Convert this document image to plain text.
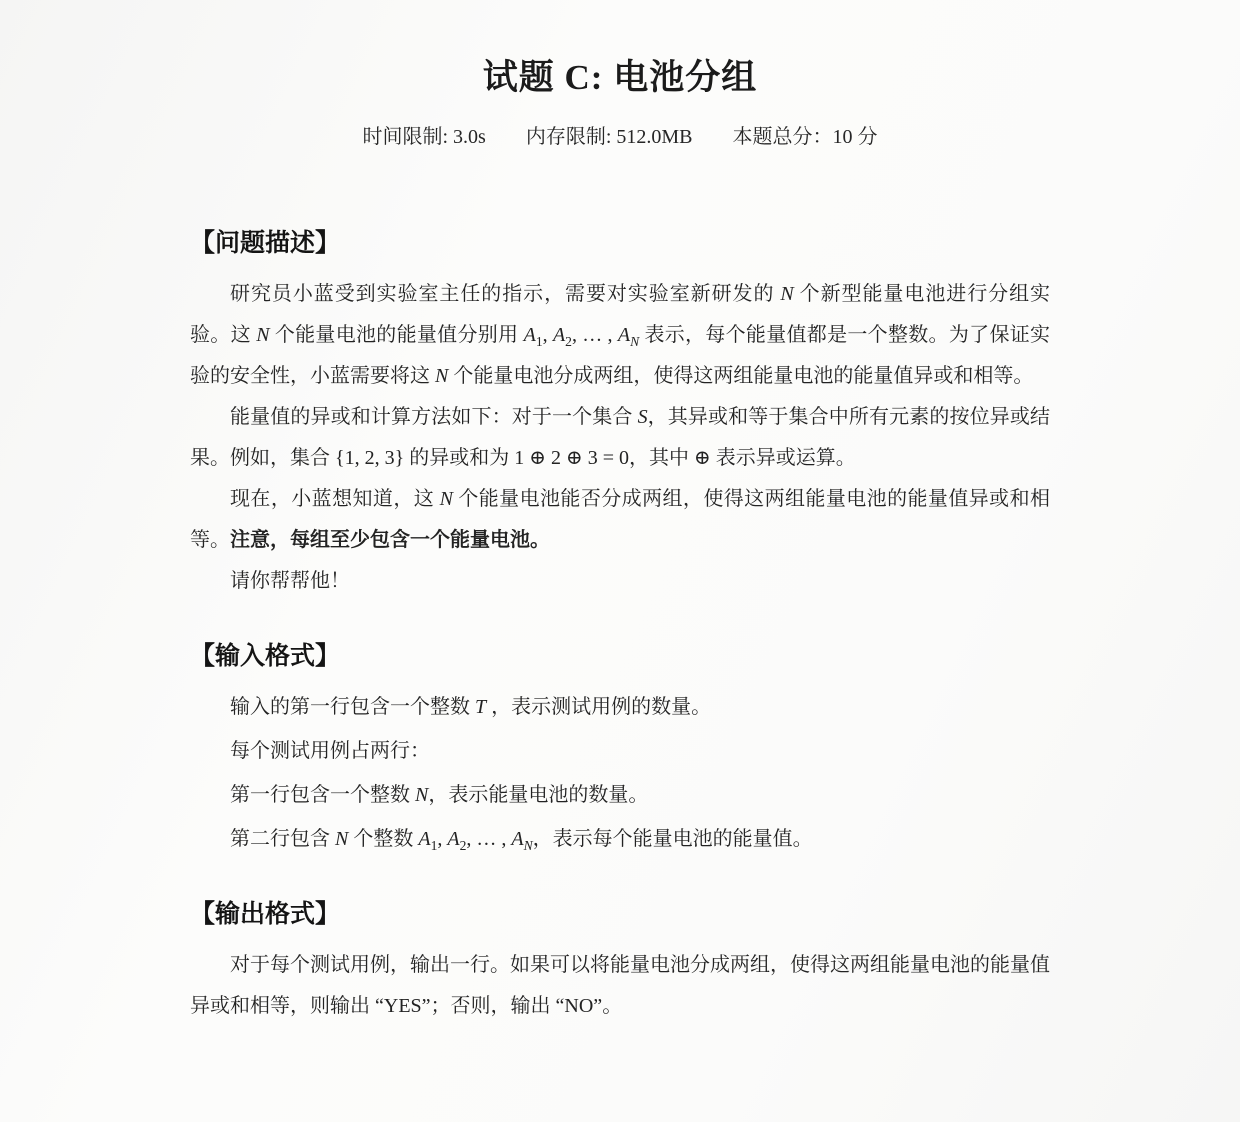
试题 C: 电池分组
时间限制: 3.0s 内存限制: 512.0MB 本题总分：10 分
【问题描述】

研究员小蓝受到实验室主任的指示，需要对实验室新研发的 N 个新型能量电池进行分组实验。这 N 个能量电池的能量值分别用 $A_1$, $A_2$, … , $A_N$ 表示，每个能量值都是一个整数。为了保证实验的安全性，小蓝需要将这 N 个能量电池分成两组，使得这两组能量电池的能量值异或和相等。

能量值的异或和计算方法如下：对于一个集合 S，其异或和等于集合中所有元素的按位异或结果。例如，集合 {1, 2, 3} 的异或和为 1 ⊕ 2 ⊕ 3 = 0，其中 ⊕ 表示异或运算。

现在，小蓝想知道，这 N 个能量电池能否分成两组，使得这两组能量电池的能量值异或和相等。注意，每组至少包含一个能量电池。

请你帮帮他！

【输入格式】

输入的第一行包含一个整数 T ，表示测试用例的数量。

每个测试用例占两行：

第一行包含一个整数 N，表示能量电池的数量。

第二行包含 N 个整数 $A_1$, $A_2$, … , $A_N$，表示每个能量电池的能量值。

【输出格式】

对于每个测试用例，输出一行。如果可以将能量电池分成两组，使得这两组能量电池的能量值异或和相等，则输出 “YES”；否则，输出 “NO”。
